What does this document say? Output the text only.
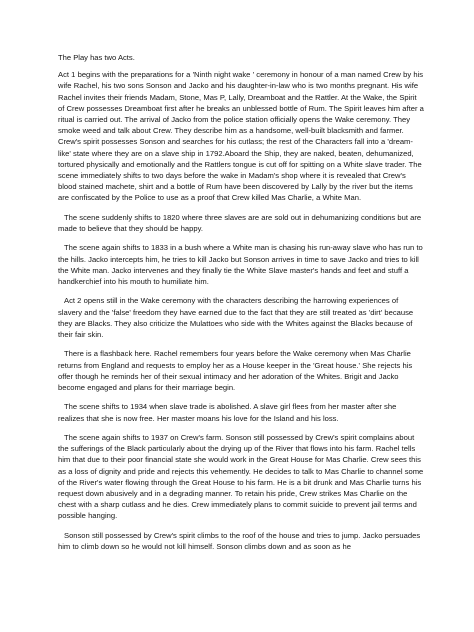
The Play has two Acts.

Act 1 begins with the preparations for a 'Ninth night wake ' ceremony in honour of a man named Crew by his wife Rachel, his two sons Sonson and Jacko and his daughter-in-law who is two months pregnant. His wife Rachel invites their friends Madam, Stone, Mas P, Lally, Dreamboat and the Rattler. At the Wake, the Spirit of Crew possesses Dreamboat first after he breaks an unblessed bottle of Rum. The Spirit leaves him after a ritual is carried out. The arrival of Jacko from the police station officially opens the Wake ceremony. They smoke weed and talk about Crew. They describe him as a handsome, well-built blacksmith and farmer. Crew's spirit possesses Sonson and searches for his cutlass; the rest of the Characters fall into a 'dream-like' state where they are on a slave ship in 1792.Aboard the Ship, they are naked, beaten, dehumanized, tortured physically and emotionally and the Rattlers tongue is cut off for spitting on a White slave trader. The scene immediately shifts to two days before the wake in Madam's shop where it is revealed that Crew's blood stained machete, shirt and a bottle of Rum have been discovered by Lally by the river but the items are confiscated by the Police to use as a proof that Crew killed Mas Charlie, a White Man.

The scene suddenly shifts to 1820 where three slaves are are sold out in dehumanizing conditions but are made to believe that they should be happy.

The scene again shifts to 1833 in a bush where a White man is chasing his run-away slave who has run to the hills. Jacko intercepts him, he tries to kill Jacko but Sonson arrives in time to save Jacko and tries to kill the White man. Jacko intervenes and they finally tie the White Slave master's hands and feet and stuff a handkerchief into his mouth to humiliate him.

Act 2 opens still in the Wake ceremony with the characters describing the harrowing experiences of slavery and the 'false' freedom they have earned due to the fact that they are still treated as 'dirt' because they are Blacks. They also criticize the Mulattoes who side with the Whites against the Blacks because of their fair skin.

There is a flashback here. Rachel remembers four years before the Wake ceremony when Mas Charlie returns from England and requests to employ her as a House keeper in the 'Great house.' She rejects his offer though he reminds her of their sexual intimacy and her adoration of the Whites. Brigit and Jacko become engaged and plans for their marriage begin.

The scene shifts to 1934 when slave trade is abolished. A slave girl flees from her master after she realizes that she is now free. Her master moans his love for the Island and his loss.

The scene again shifts to 1937 on Crew's farm. Sonson still possessed by Crew's spirit complains about the sufferings of the Black particularly about the drying up of the River that flows into his farm. Rachel tells him that due to their poor financial state she would work in the Great House for Mas Charlie. Crew sees this as a loss of dignity and pride and rejects this vehemently. He decides to talk to Mas Charlie to channel some of the River's water flowing through the Great House to his farm. He is a bit drunk and Mas Charlie turns his request down abusively and in a degrading manner. To retain his pride, Crew strikes Mas Charlie on the chest with a sharp cutlass and he dies. Crew immediately plans to commit suicide to prevent jail terms and possible hanging.

Sonson still possessed by Crew's spirit climbs to the roof of the house and tries to jump. Jacko persuades him to climb down so he would not kill himself. Sonson climbs down and as soon as he
